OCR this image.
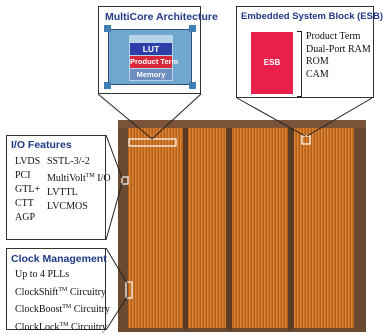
MultiCore Architecture
LUT
Product Term
Memory
Embedded System Block (ESB)
ESB
Product Term
Dual-Port RAM
ROM
CAM
I/O Features
LVDS
PCI
GTL+
CTT
AGP
SSTL-3/-2
MultiVolt™ I/O
LVTTL
LVCMOS
Clock Management
Up to 4 PLLs
ClockShift™ Circuitry
ClockBoost™ Circuitry
ClockLock™ Circuitry
